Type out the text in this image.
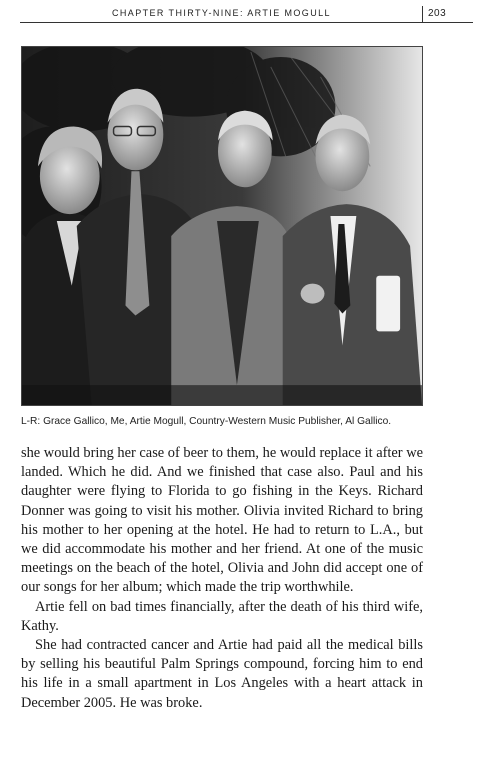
CHAPTER THIRTY-NINE: ARTIE MOGULL	203
L-R: Grace Gallico, Me, Artie Mogull, Country-Western Music Publisher, Al Gallico.

she would bring her case of beer to them, he would replace it after we landed. Which he did. And we finished that case also. Paul and his daughter were flying to Florida to go fishing in the Keys. Richard Donner was going to visit his mother. Olivia invited Richard to bring his mother to her opening at the hotel. He had to return to L.A., but we did accommodate his mother and her friend. At one of the music meetings on the beach of the hotel, Olivia and John did accept one of our songs for her album; which made the trip worthwhile.

Artie fell on bad times financially, after the death of his third wife, Kathy.

She had contracted cancer and Artie had paid all the medical bills by selling his beautiful Palm Springs compound, forcing him to end his life in a small apartment in Los Angeles with a heart attack in December 2005. He was broke.
